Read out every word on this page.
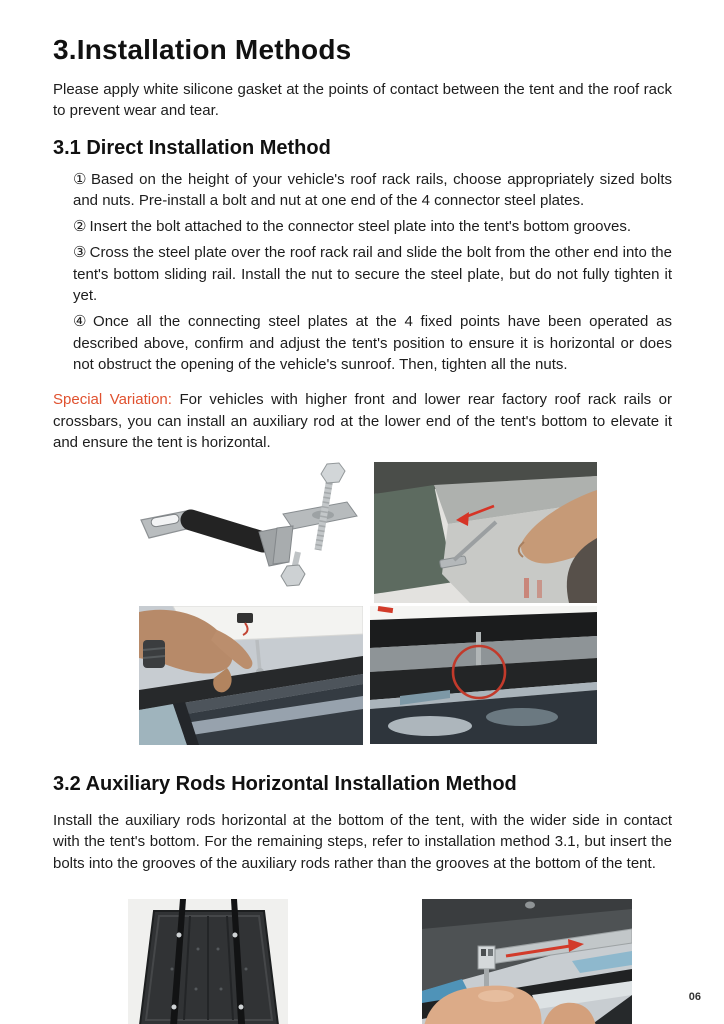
3.Installation Methods

Please apply white silicone gasket at the points of contact between the tent and the roof rack to prevent wear and tear.

3.1 Direct Installation Method

① Based on the height of your vehicle's roof rack rails, choose appropriately sized bolts and nuts. Pre-install a bolt and nut at one end of the 4 connector steel plates.

② Insert the bolt attached to the connector steel plate into the tent's bottom grooves.

③ Cross the steel plate over the roof rack rail and slide the bolt from the other end into the tent's bottom sliding rail. Install the nut to secure the steel plate, but do not fully tighten it yet.

④ Once all the connecting steel plates at the 4 fixed points have been operated as described above, confirm and adjust the tent's position to ensure it is horizontal or does not obstruct the opening of the vehicle's sunroof. Then, tighten all the nuts.

Special Variation: For vehicles with higher front and lower rear factory roof rack rails or crossbars, you can install an auxiliary rod at the lower end of the tent's bottom to elevate it and ensure the tent is horizontal.

3.2 Auxiliary Rods Horizontal Installation Method

Install the auxiliary rods horizontal at the bottom of the tent, with the wider side in contact with the tent's bottom. For the remaining steps, refer to installation method 3.1, but insert the bolts into the grooves of the auxiliary rods rather than the grooves at the bottom of the tent.

06
